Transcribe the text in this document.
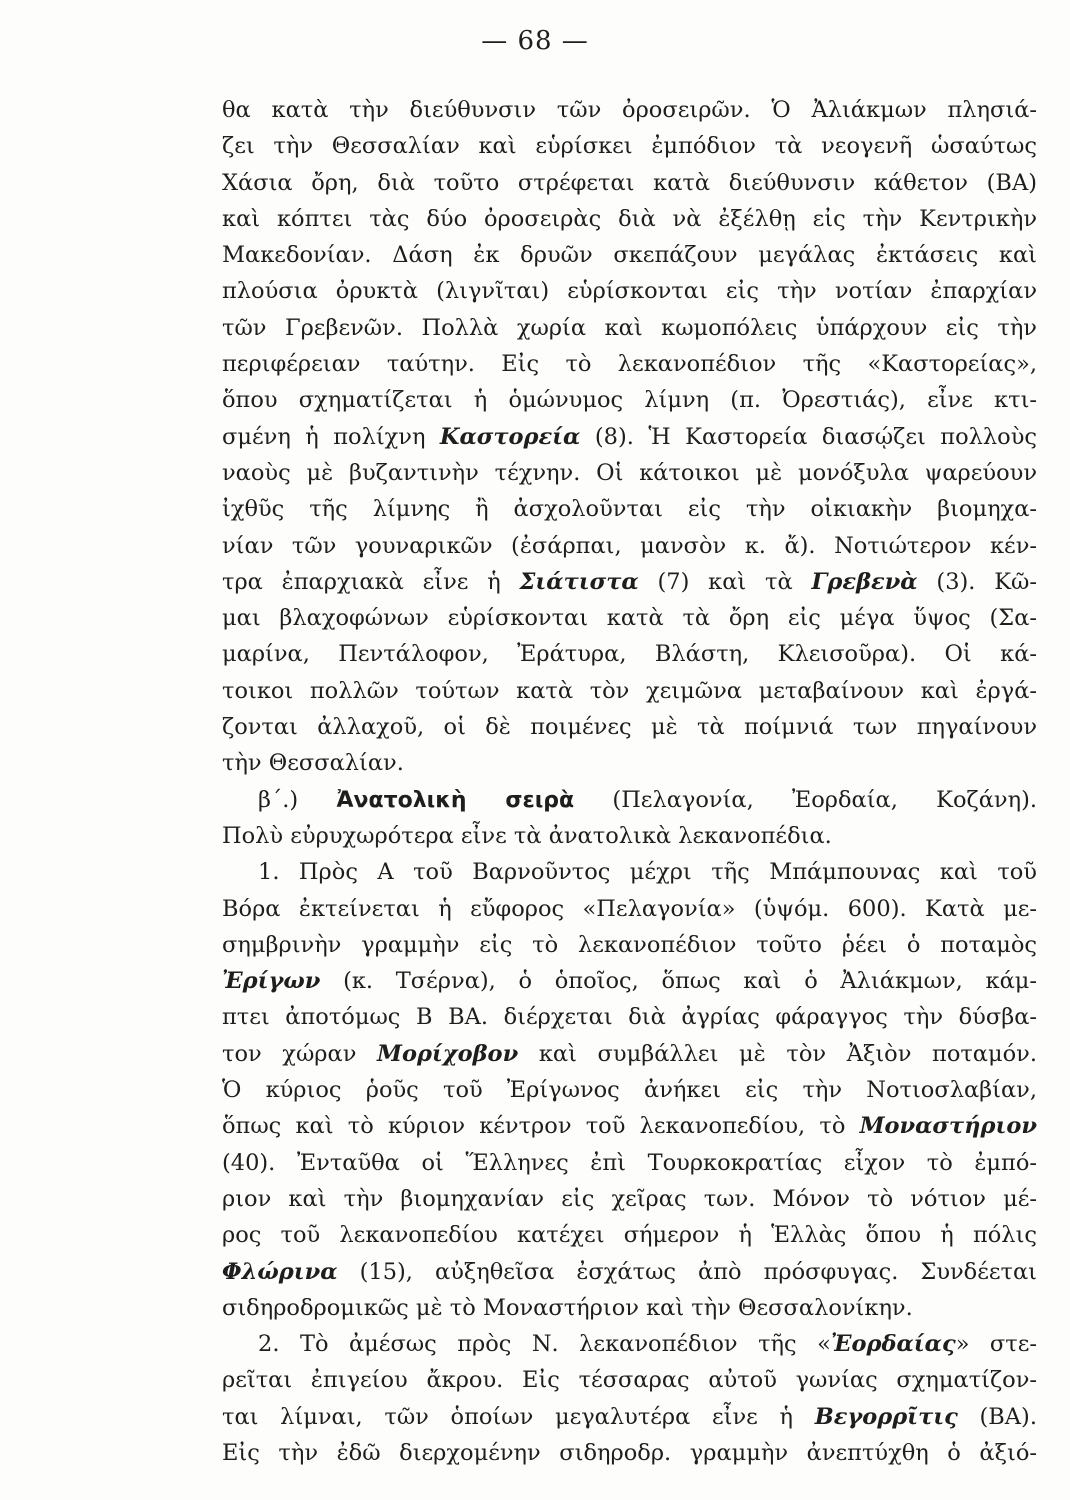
— 68 —
θα κατὰ τὴν διεύθυνσιν τῶν ὀροσειρῶν. Ὁ Ἀλιάκμων πλησιά-
ζει τὴν Θεσσαλίαν καὶ εὑρίσκει ἐμπόδιον τὰ νεογενῆ ὡσαύτως
Χάσια ὄρη, διὰ τοῦτο στρέφεται κατὰ διεύθυνσιν κάθετον (ΒΑ)
καὶ κόπτει τὰς δύο ὀροσειρὰς διὰ νὰ ἐξέλθῃ εἰς τὴν Κεντρικὴν
Μακεδονίαν. Δάση ἐκ δρυῶν σκεπάζουν μεγάλας ἐκτάσεις καὶ
πλούσια ὀρυκτὰ (λιγνῖται) εὑρίσκονται εἰς τὴν νοτίαν ἐπαρχίαν
τῶν Γρεβενῶν. Πολλὰ χωρία καὶ κωμοπόλεις ὑπάρχουν εἰς τὴν
περιφέρειαν ταύτην. Εἰς τὸ λεκανοπέδιον τῆς «Καστορείας»,
ὅπου σχηματίζεται ἡ ὁμώνυμος λίμνη (π. Ὀρεστιάς), εἶνε κτι-
σμένη ἡ πολίχνη Καστορεία (8). Ἡ Καστορεία διασῴζει πολλοὺς
ναοὺς μὲ βυζαντινὴν τέχνην. Οἱ κάτοικοι μὲ μονόξυλα ψαρεύουν
ἰχθῦς τῆς λίμνης ἢ ἀσχολοῦνται εἰς τὴν οἰκιακὴν βιομηχα-
νίαν τῶν γουναρικῶν (ἐσάρπαι, μανσὸν κ. ἄ). Νοτιώτερον κέν-
τρα ἐπαρχιακὰ εἶνε ἡ Σιάτιστα (7) καὶ τὰ Γρεβενὰ (3). Κῶ-
μαι βλαχοφώνων εὑρίσκονται κατὰ τὰ ὄρη εἰς μέγα ὕψος (Σα-
μαρίνα, Πεντάλοφον, Ἐράτυρα, Βλάστη, Κλεισοῦρα). Οἱ κά-
τοικοι πολλῶν τούτων κατὰ τὸν χειμῶνα μεταβαίνουν καὶ ἐργά-
ζονται ἀλλαχοῦ, οἱ δὲ ποιμένες μὲ τὰ ποίμνιά των πηγαίνουν
τὴν Θεσσαλίαν.
β´.) Ἀνατολικὴ σειρὰ (Πελαγονία, Ἐορδαία, Κοζάνη).
Πολὺ εὐρυχωρότερα εἶνε τὰ ἀνατολικὰ λεκανοπέδια.
1. Πρὸς Α τοῦ Βαρνοῦντος μέχρι τῆς Μπάμπουνας καὶ τοῦ
Βόρα ἐκτείνεται ἡ εὔφορος «Πελαγονία» (ὑψόμ. 600). Κατὰ με-
σημβρινὴν γραμμὴν εἰς τὸ λεκανοπέδιον τοῦτο ῥέει ὁ ποταμὸς
Ἐρίγων (κ. Τσέρνα), ὁ ὁποῖος, ὅπως καὶ ὁ Ἀλιάκμων, κάμ-
πτει ἀποτόμως Β ΒΑ. διέρχεται διὰ ἀγρίας φάραγγος τὴν δύσβα-
τον χώραν Μορίχοβον καὶ συμβάλλει μὲ τὸν Ἀξιὸν ποταμόν.
Ὁ κύριος ῥοῦς τοῦ Ἐρίγωνος ἀνήκει εἰς τὴν Νοτιοσλαβίαν,
ὅπως καὶ τὸ κύριον κέντρον τοῦ λεκανοπεδίου, τὸ Μοναστήριον
(40). Ἐνταῦθα οἱ Ἕλληνες ἐπὶ Τουρκοκρατίας εἶχον τὸ ἐμπό-
ριον καὶ τὴν βιομηχανίαν εἰς χεῖρας των. Μόνον τὸ νότιον μέ-
ρος τοῦ λεκανοπεδίου κατέχει σήμερον ἡ Ἑλλὰς ὅπου ἡ πόλις
Φλώρινα (15), αὐξηθεῖσα ἐσχάτως ἀπὸ πρόσφυγας. Συνδέεται
σιδηροδρομικῶς μὲ τὸ Μοναστήριον καὶ τὴν Θεσσαλονίκην.
2. Τὸ ἀμέσως πρὸς Ν. λεκανοπέδιον τῆς «Ἐορδαίας» στε-
ρεῖται ἐπιγείου ἄκρου. Εἰς τέσσαρας αὐτοῦ γωνίας σχηματίζον-
ται λίμναι, τῶν ὁποίων μεγαλυτέρα εἶνε ἡ Βεγορρῖτις (ΒΑ).
Εἰς τὴν ἐδῶ διερχομένην σιδηροδρ. γραμμὴν ἀνεπτύχθη ὁ ἀξιό-
